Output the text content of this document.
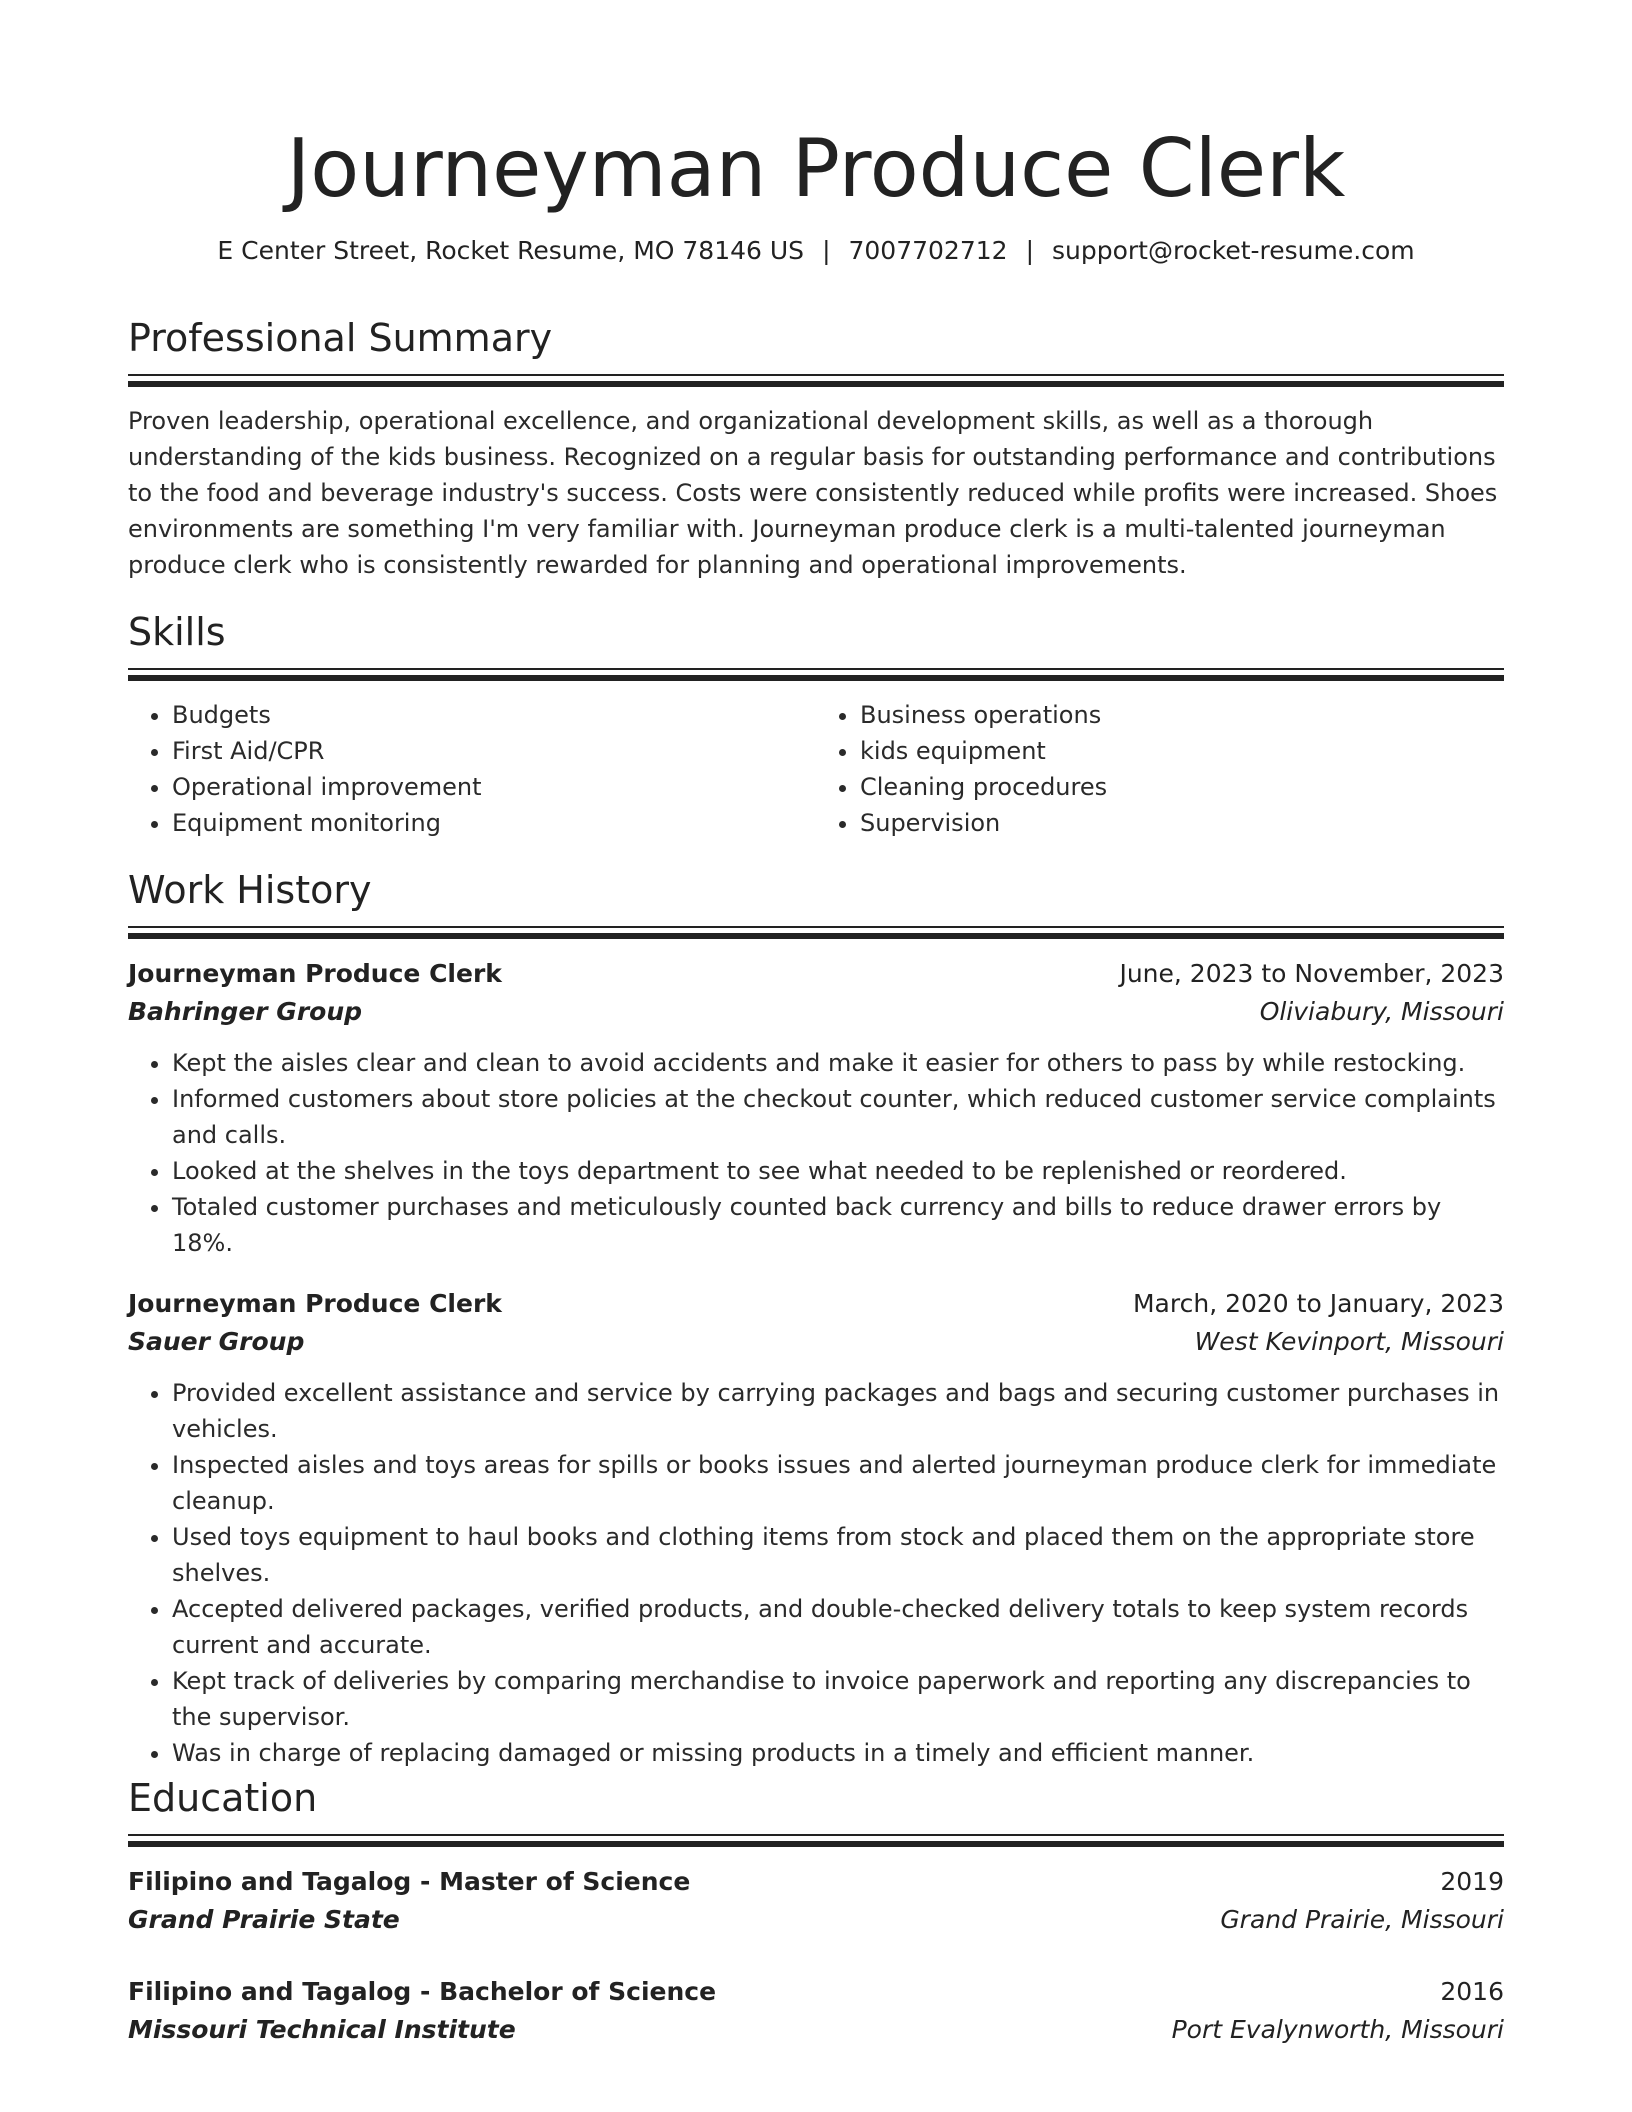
Journeyman Produce Clerk
E Center Street, Rocket Resume, MO 78146 US | 7007702712 | support@rocket-resume.com
Professional Summary
Proven leadership, operational excellence, and organizational development skills, as well as a thorough understanding of the kids business. Recognized on a regular basis for outstanding performance and contributions to the food and beverage industry's success. Costs were consistently reduced while profits were increased. Shoes environments are something I'm very familiar with. Journeyman produce clerk is a multi-talented journeyman produce clerk who is consistently rewarded for planning and operational improvements.
Skills
• Budgets
• First Aid/CPR
• Operational improvement
• Equipment monitoring
• Business operations
• kids equipment
• Cleaning procedures
• Supervision
Work History
Journeyman Produce Clerk	June, 2023 to November, 2023
Bahringer Group	Oliviabury, Missouri
• Kept the aisles clear and clean to avoid accidents and make it easier for others to pass by while restocking.
• Informed customers about store policies at the checkout counter, which reduced customer service complaints and calls.
• Looked at the shelves in the toys department to see what needed to be replenished or reordered.
• Totaled customer purchases and meticulously counted back currency and bills to reduce drawer errors by 18%.
Journeyman Produce Clerk	March, 2020 to January, 2023
Sauer Group	West Kevinport, Missouri
• Provided excellent assistance and service by carrying packages and bags and securing customer purchases in vehicles.
• Inspected aisles and toys areas for spills or books issues and alerted journeyman produce clerk for immediate cleanup.
• Used toys equipment to haul books and clothing items from stock and placed them on the appropriate store shelves.
• Accepted delivered packages, verified products, and double-checked delivery totals to keep system records current and accurate.
• Kept track of deliveries by comparing merchandise to invoice paperwork and reporting any discrepancies to the supervisor.
• Was in charge of replacing damaged or missing products in a timely and efficient manner.
Education
Filipino and Tagalog - Master of Science	2019
Grand Prairie State	Grand Prairie, Missouri
Filipino and Tagalog - Bachelor of Science	2016
Missouri Technical Institute	Port Evalynworth, Missouri
